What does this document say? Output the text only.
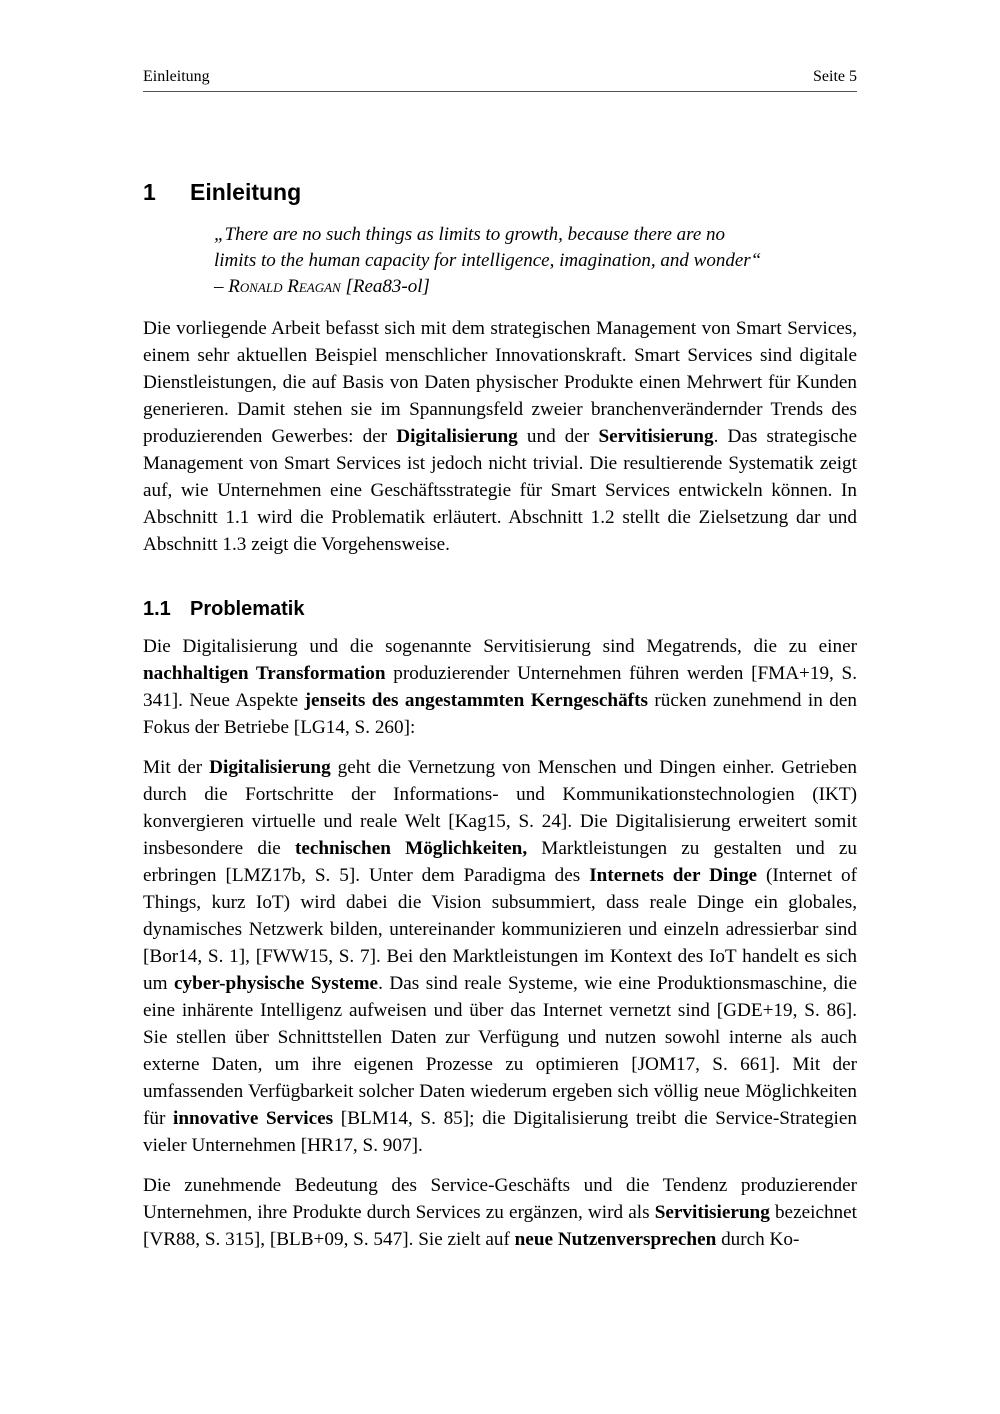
Einleitung	Seite 5
1 Einleitung
„There are no such things as limits to growth, because there are no
limits to the human capacity for intelligence, imagination, and wonder“
– Ronald Reagan [Rea83-ol]

Die vorliegende Arbeit befasst sich mit dem strategischen Management von Smart Services, einem sehr aktuellen Beispiel menschlicher Innovationskraft. Smart Services sind digitale Dienstleistungen, die auf Basis von Daten physischer Produkte einen Mehrwert für Kunden generieren. Damit stehen sie im Spannungsfeld zweier branchenverändernder Trends des produzierenden Gewerbes: der Digitalisierung und der Servitisierung. Das strategische Management von Smart Services ist jedoch nicht trivial. Die resultierende Systematik zeigt auf, wie Unternehmen eine Geschäftsstrategie für Smart Services entwickeln können. In Abschnitt 1.1 wird die Problematik erläutert. Abschnitt 1.2 stellt die Zielsetzung dar und Abschnitt 1.3 zeigt die Vorgehensweise.

1.1 Problematik

Die Digitalisierung und die sogenannte Servitisierung sind Megatrends, die zu einer nachhaltigen Transformation produzierender Unternehmen führen werden [FMA+19, S. 341]. Neue Aspekte jenseits des angestammten Kerngeschäfts rücken zunehmend in den Fokus der Betriebe [LG14, S. 260]:

Mit der Digitalisierung geht die Vernetzung von Menschen und Dingen einher. Getrieben durch die Fortschritte der Informations- und Kommunikationstechnologien (IKT) konvergieren virtuelle und reale Welt [Kag15, S. 24]. Die Digitalisierung erweitert somit insbesondere die technischen Möglichkeiten, Marktleistungen zu gestalten und zu erbringen [LMZ17b, S. 5]. Unter dem Paradigma des Internets der Dinge (Internet of Things, kurz IoT) wird dabei die Vision subsummiert, dass reale Dinge ein globales, dynamisches Netzwerk bilden, untereinander kommunizieren und einzeln adressierbar sind [Bor14, S. 1], [FWW15, S. 7]. Bei den Marktleistungen im Kontext des IoT handelt es sich um cyber-physische Systeme. Das sind reale Systeme, wie eine Produktionsmaschine, die eine inhärente Intelligenz aufweisen und über das Internet vernetzt sind [GDE+19, S. 86]. Sie stellen über Schnittstellen Daten zur Verfügung und nutzen sowohl interne als auch externe Daten, um ihre eigenen Prozesse zu optimieren [JOM17, S. 661]. Mit der umfassenden Verfügbarkeit solcher Daten wiederum ergeben sich völlig neue Möglichkeiten für innovative Services [BLM14, S. 85]; die Digitalisierung treibt die Service-Strategien vieler Unternehmen [HR17, S. 907].

Die zunehmende Bedeutung des Service-Geschäfts und die Tendenz produzierender Unternehmen, ihre Produkte durch Services zu ergänzen, wird als Servitisierung bezeichnet [VR88, S. 315], [BLB+09, S. 547]. Sie zielt auf neue Nutzenversprechen durch Ko-
